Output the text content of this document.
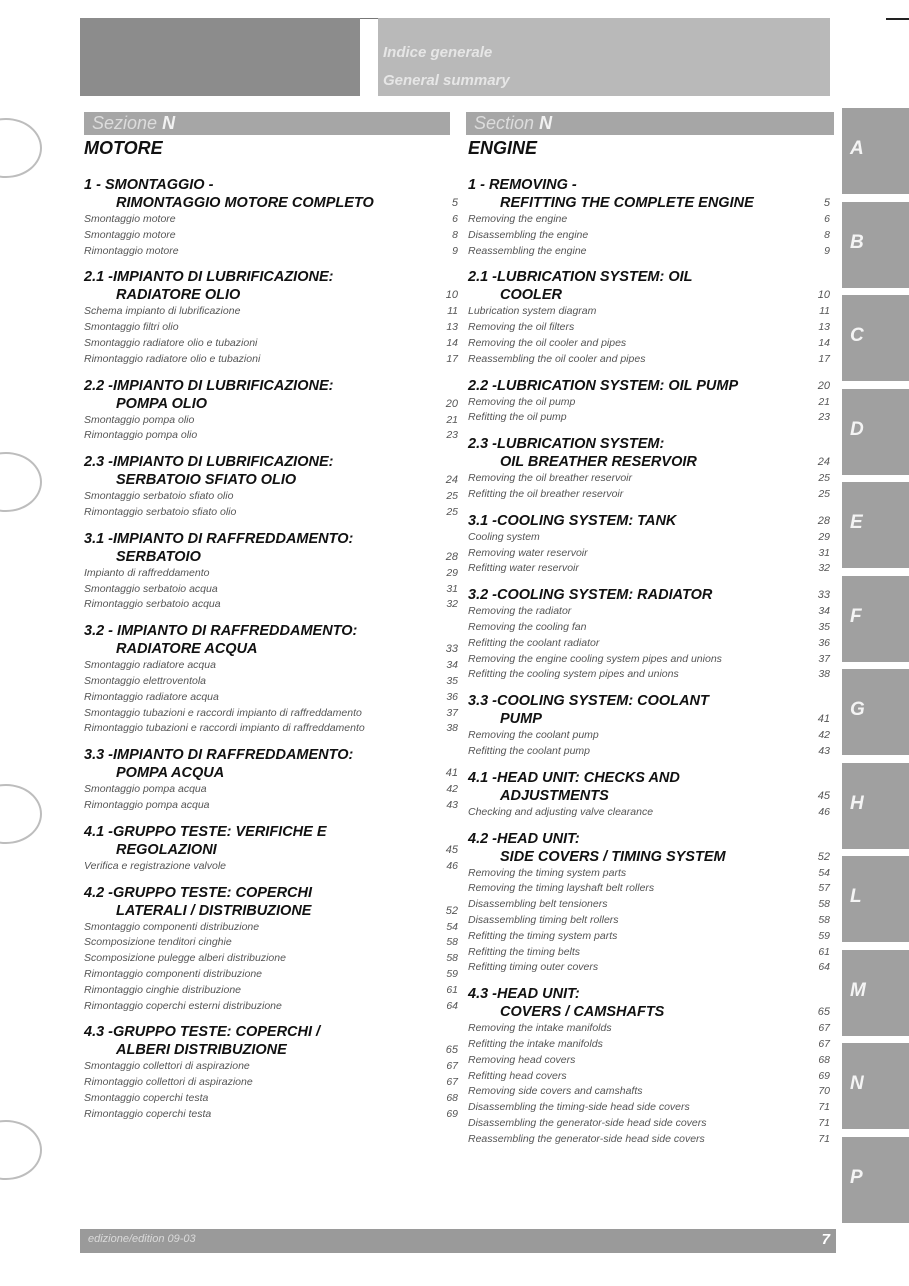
Indice generale
General summary
Sezione N	Section N
MOTORE
1 - SMONTAGGIO -
RIMONTAGGIO MOTORE COMPLETO	5
Smontaggio motore	6
Smontaggio motore	8
Rimontaggio motore	9
2.1 -IMPIANTO DI LUBRIFICAZIONE:
RADIATORE OLIO	10
Schema impianto di lubrificazione	11
Smontaggio filtri olio	13
Smontaggio radiatore olio e tubazioni	14
Rimontaggio radiatore olio e tubazioni	17
2.2 -IMPIANTO DI LUBRIFICAZIONE:
POMPA OLIO	20
Smontaggio pompa olio	21
Rimontaggio pompa olio	23
2.3 -IMPIANTO DI LUBRIFICAZIONE:
SERBATOIO SFIATO OLIO	24
Smontaggio serbatoio sfiato olio	25
Rimontaggio serbatoio sfiato olio	25
3.1 -IMPIANTO DI RAFFREDDAMENTO:
SERBATOIO	28
Impianto di raffreddamento	29
Smontaggio serbatoio acqua	31
Rimontaggio serbatoio acqua	32
3.2 - IMPIANTO DI RAFFREDDAMENTO:
RADIATORE ACQUA	33
Smontaggio radiatore acqua	34
Smontaggio elettroventola	35
Rimontaggio radiatore acqua	36
Smontaggio tubazioni e raccordi impianto di raffreddamento	37
Rimontaggio tubazioni e raccordi impianto di raffreddamento	38
3.3 -IMPIANTO DI RAFFREDDAMENTO:
POMPA ACQUA	41
Smontaggio pompa acqua	42
Rimontaggio pompa acqua	43
4.1 -GRUPPO TESTE: VERIFICHE E
REGOLAZIONI	45
Verifica e registrazione valvole	46
4.2 -GRUPPO TESTE: COPERCHI
LATERALI / DISTRIBUZIONE	52
Smontaggio componenti distribuzione	54
Scomposizione tenditori cinghie	58
Scomposizione pulegge alberi distribuzione	58
Rimontaggio componenti distribuzione	59
Rimontaggio cinghie distribuzione	61
Rimontaggio coperchi esterni distribuzione	64
4.3 -GRUPPO TESTE: COPERCHI /
ALBERI DISTRIBUZIONE	65
Smontaggio collettori di aspirazione	67
Rimontaggio collettori di aspirazione	67
Smontaggio coperchi testa	68
Rimontaggio coperchi testa	69
ENGINE
1 - REMOVING -
REFITTING THE COMPLETE ENGINE	5
Removing the engine	6
Disassembling the engine	8
Reassembling the engine	9
2.1 -LUBRICATION SYSTEM: OIL
COOLER	10
Lubrication system diagram	11
Removing the oil filters	13
Removing the oil cooler and pipes	14
Reassembling the oil cooler and pipes	17
2.2 -LUBRICATION SYSTEM: OIL PUMP	20
Removing the oil pump	21
Refitting the oil pump	23
2.3 -LUBRICATION SYSTEM:
OIL BREATHER RESERVOIR	24
Removing the oil breather reservoir	25
Refitting the oil breather reservoir	25
3.1 -COOLING SYSTEM: TANK	28
Cooling system	29
Removing water reservoir	31
Refitting water reservoir	32
3.2 -COOLING SYSTEM: RADIATOR	33
Removing the radiator	34
Removing the cooling fan	35
Refitting the coolant radiator	36
Removing the engine cooling system pipes and unions	37
Refitting the cooling system pipes and unions	38
3.3 -COOLING SYSTEM: COOLANT
PUMP	41
Removing the coolant pump	42
Refitting the coolant pump	43
4.1 -HEAD UNIT: CHECKS AND
ADJUSTMENTS	45
Checking and adjusting valve clearance	46
4.2 -HEAD UNIT:
SIDE COVERS / TIMING SYSTEM	52
Removing the timing system parts	54
Removing the timing layshaft belt rollers	57
Disassembling belt tensioners	58
Disassembling timing belt rollers	58
Refitting the timing system parts	59
Refitting the timing belts	61
Refitting timing outer covers	64
4.3 -HEAD UNIT:
COVERS / CAMSHAFTS	65
Removing the intake manifolds	67
Refitting the intake manifolds	67
Removing head covers	68
Refitting head covers	69
Removing side covers and camshafts	70
Disassembling the timing-side head side covers	71
Disassembling the generator-side head side covers	71
Reassembling the generator-side head side covers	71
A
B
C
D
E
F
G
H
L
M
N
P
edizione/edition 09-03	7
